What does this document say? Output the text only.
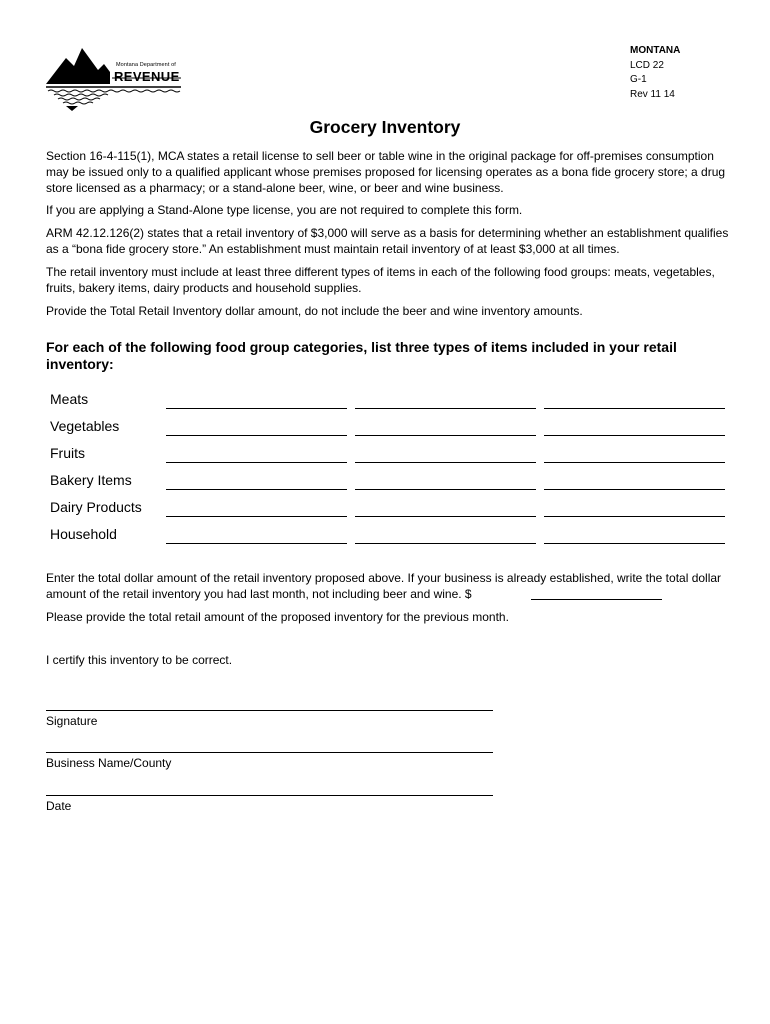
Montana Department of
REVENUE
MONTANA
LCD 22
G-1
Rev 11 14
Grocery Inventory
Section 16-4-115(1), MCA states a retail license to sell beer or table wine in the original package for off-premises consumption may be issued only to a qualified applicant whose premises proposed for licensing operates as a bona fide grocery store; a drug store licensed as a pharmacy; or a stand-alone beer, wine, or beer and wine business.
If you are applying a Stand-Alone type license, you are not required to complete this form.
ARM 42.12.126(2) states that a retail inventory of $3,000 will serve as a basis for determining whether an establishment qualifies as a “bona fide grocery store.” An establishment must maintain retail inventory of at least $3,000 at all times.
The retail inventory must include at least three different types of items in each of the following food groups: meats, vegetables, fruits, bakery items, dairy products and household supplies.
Provide the Total Retail Inventory dollar amount, do not include the beer and wine inventory amounts.
For each of the following food group categories, list three types of items included in your retail inventory:
Meats
Vegetables
Fruits
Bakery Items
Dairy Products
Household
Enter the total dollar amount of the retail inventory proposed above. If your business is already established, write the total dollar amount of the retail inventory you had last month, not including beer and wine. $
Please provide the total retail amount of the proposed inventory for the previous month.
I certify this inventory to be correct.
Signature
Business Name/County
Date
